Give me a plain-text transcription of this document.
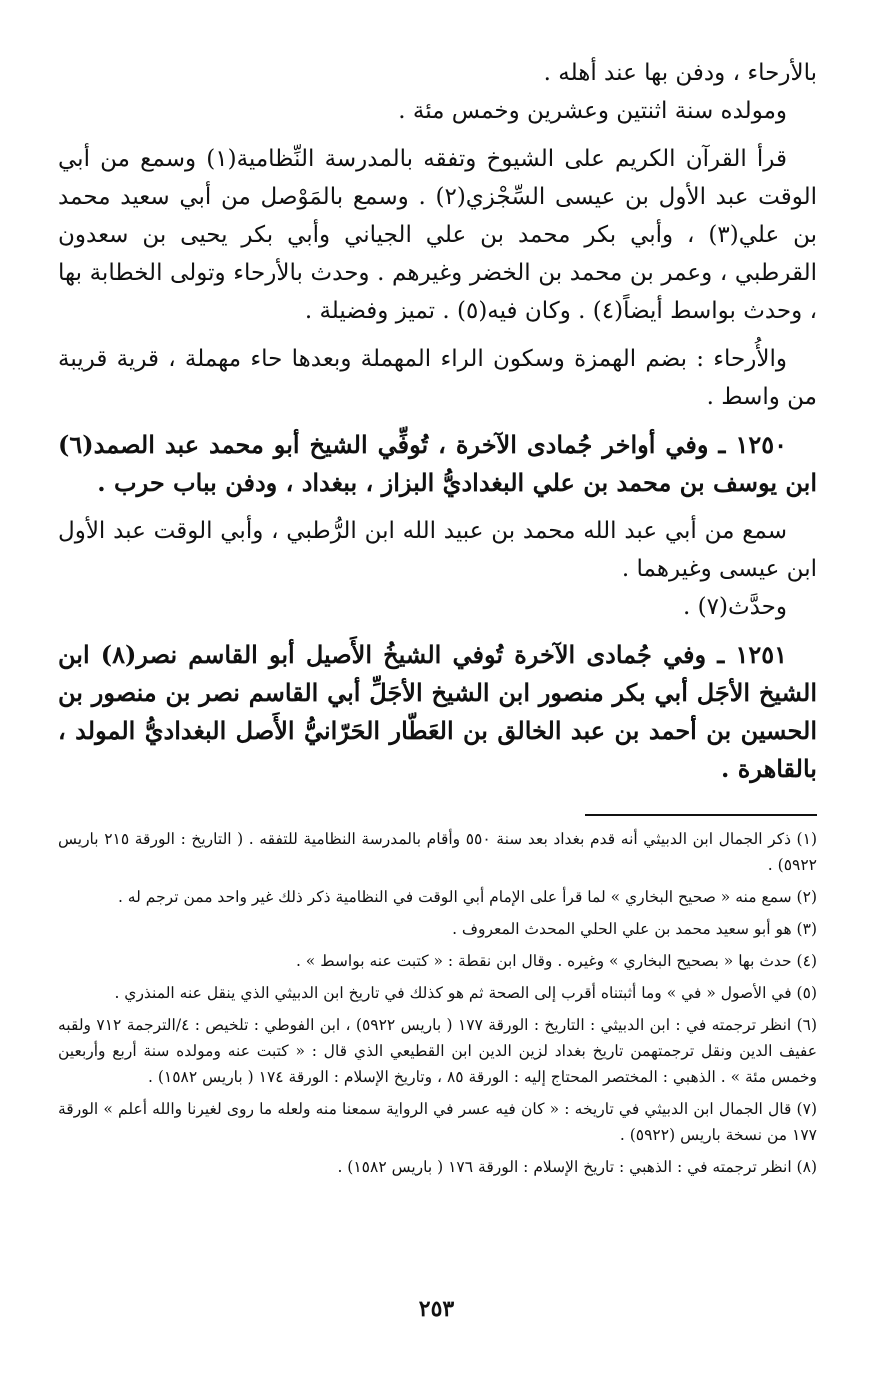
بالأرحاء ، ودفن بها عند أهله .

ومولده سنة اثنتين وعشرين وخمس مئة .

قرأ القرآن الكريم على الشيوخ وتفقه بالمدرسة النِّظامية(١) وسمع من أبي الوقت عبد الأول بن عيسى السِّجْزي(٢) . وسمع بالمَوْصل من أبي سعيد محمد بن علي(٣) ، وأبي بكر محمد بن علي الجياني وأبي بكر يحيى بن سعدون القرطبي ، وعمر بن محمد بن الخضر وغيرهم . وحدث بالأرحاء وتولى الخطابة بها ، وحدث بواسط أيضاً(٤) . وكان فيه(٥) . تميز وفضيلة .

والأُرحاء : بضم الهمزة وسكون الراء المهملة وبعدها حاء مهملة ، قرية قريبة من واسط .

١٢٥٠ ـ وفي أواخر جُمادى الآخرة ، تُوفِّي الشيخ أبو محمد عبد الصمد(٦) ابن يوسف بن محمد بن علي البغداديُّ البزاز ، ببغداد ، ودفن بباب حرب .

سمع من أبي عبد الله محمد بن عبيد الله ابن الرُّطبي ، وأبي الوقت عبد الأول ابن عيسى وغيرهما .

وحدَّث(٧) .

١٢٥١ ـ وفي جُمادى الآخرة تُوفي الشيخُ الأَصيل أبو القاسم نصر(٨) ابن الشيخ الأجَل أبي بكر منصور ابن الشيخ الأجَلِّ أبي القاسم نصر بن منصور بن الحسين بن أحمد بن عبد الخالق بن العَطّار الحَرّانيُّ الأَصل البغداديُّ المولد ، بالقاهرة .

(١) ذكر الجمال ابن الدبيثي أنه قدم بغداد بعد سنة ٥٥٠ وأقام بالمدرسة النظامية للتفقه . ( التاريخ : الورقة ٢١٥ باريس ٥٩٢٢) .

(٢) سمع منه « صحيح البخاري » لما قرأ على الإمام أبي الوقت في النظامية ذكر ذلك غير واحد ممن ترجم له .

(٣) هو أبو سعيد محمد بن علي الحلي المحدث المعروف .

(٤) حدث بها « بصحيح البخاري » وغيره . وقال ابن نقطة : « كتبت عنه بواسط » .

(٥) في الأصول « في » وما أثبتناه أقرب إلى الصحة ثم هو كذلك في تاريخ ابن الدبيثي الذي ينقل عنه المنذري .

(٦) انظر ترجمته في : ابن الدبيثي : التاريخ : الورقة ١٧٧ ( باريس ٥٩٢٢) ، ابن الفوطي : تلخيص : ٤/الترجمة ٧١٢ ولقبه عفيف الدين ونقل ترجمتهمن تاريخ بغداد لزين الدين ابن القطيعي الذي قال : « كتبت عنه ومولده سنة أربع وأربعين وخمس مئة » . الذهبي : المختصر المحتاج إليه : الورقة ٨٥ ، وتاريخ الإسلام : الورقة ١٧٤ ( باريس ١٥٨٢) .

(٧) قال الجمال ابن الدبيثي في تاريخه : « كان فيه عسر في الرواية سمعنا منه ولعله ما روى لغيرنا والله أعلم » الورقة ١٧٧ من نسخة باريس (٥٩٢٢) .

(٨) انظر ترجمته في : الذهبي : تاريخ الإسلام : الورقة ١٧٦ ( باريس ١٥٨٢) .

٢٥٣
